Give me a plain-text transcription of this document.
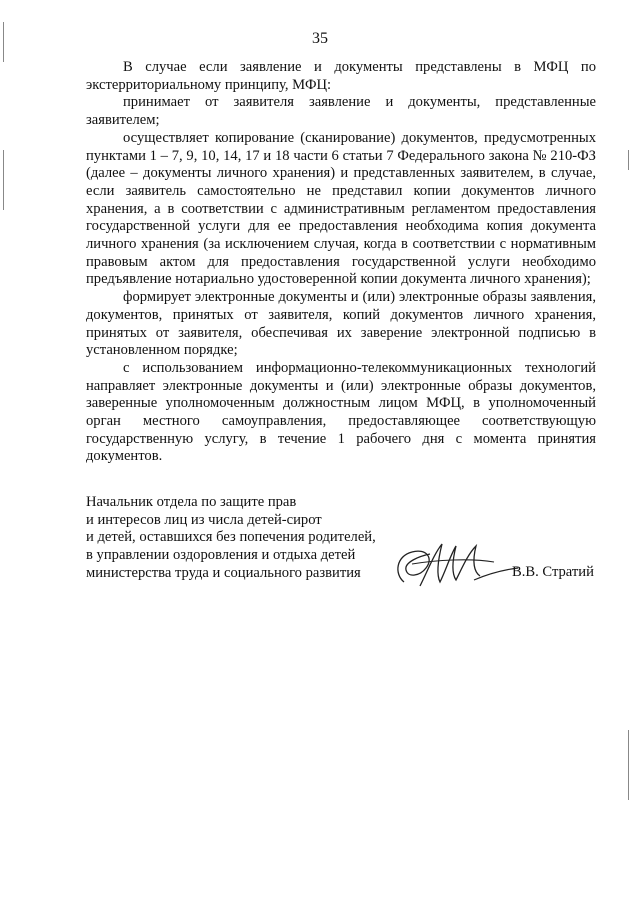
35

В случае если заявление и документы представлены в МФЦ по экстерриториальному принципу, МФЦ:

принимает от заявителя заявление и документы, представленные заявителем;

осуществляет копирование (сканирование) документов, предусмотренных пунктами 1 – 7, 9, 10, 14, 17 и 18 части 6 статьи 7 Федерального закона № 210-ФЗ (далее – документы личного хранения) и представленных заявителем, в случае, если заявитель самостоятельно не представил копии документов личного хранения, а в соответствии с административным регламентом предоставления государственной услуги для ее предоставления необходима копия документа личного хранения (за исключением случая, когда в соответствии с нормативным правовым актом для предоставления государственной услуги необходимо предъявление нотариально удостоверенной копии документа личного хранения);

формирует электронные документы и (или) электронные образы заявления, документов, принятых от заявителя, копий документов личного хранения, принятых от заявителя, обеспечивая их заверение электронной подписью в установленном порядке;

с использованием информационно-телекоммуникационных технологий направляет электронные документы и (или) электронные образы документов, заверенные уполномоченным должностным лицом МФЦ, в уполномоченный орган местного самоуправления, предоставляющее соответствующую государственную услугу, в течение 1 рабочего дня с момента принятия документов.

Начальник отдела по защите прав
и интересов лиц из числа детей-сирот
и детей, оставшихся без попечения родителей,
в управлении оздоровления и отдыха детей
министерства труда и социального развития	В.В. Стратий
